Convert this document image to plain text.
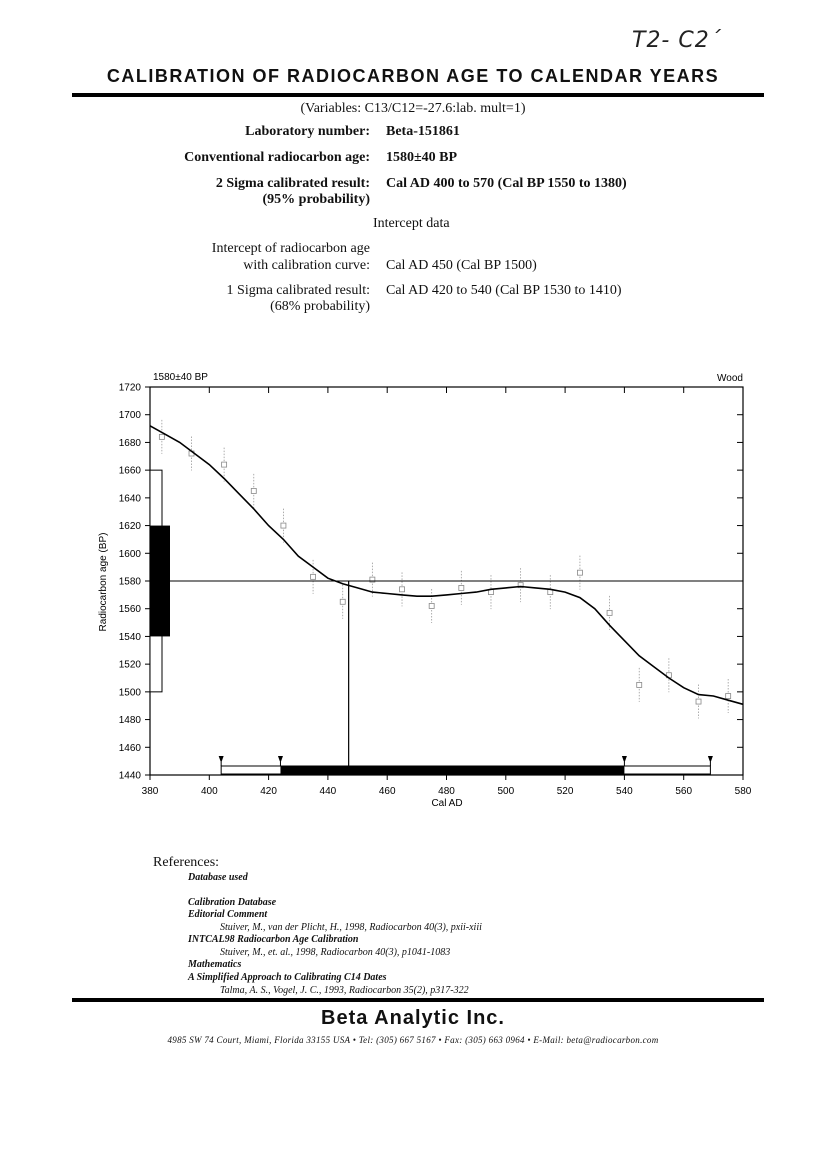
T2- C2´
CALIBRATION OF RADIOCARBON AGE TO CALENDAR YEARS
(Variables: C13/C12=-27.6:lab. mult=1)
Laboratory number: Beta-151861
Conventional radiocarbon age: 1580±40 BP
2 Sigma calibrated result: Cal AD 400 to 570 (Cal BP 1550 to 1380)
(95% probability)
Intercept data
Intercept of radiocarbon age
with calibration curve: Cal AD 450 (Cal BP 1500)
1 Sigma calibrated result: Cal AD 420 to 540 (Cal BP 1530 to 1410)
(68% probability)
1580±40 BP	Wood
Cal AD
Radiocarbon age (BP)
380	400	420	440	460	480	500	520	540	560	580
1440
1460
1480
1500
1520
1540
1560
1580
1600
1620
1640
1660
1680
1700
1720
References:
Database used
Calibration Database
Editorial Comment
Stuiver, M., van der Plicht, H., 1998, Radiocarbon 40(3), pxii-xiii
INTCAL98 Radiocarbon Age Calibration
Stuiver, M., et. al., 1998, Radiocarbon 40(3), p1041-1083
Mathematics
A Simplified Approach to Calibrating C14 Dates
Talma, A. S., Vogel, J. C., 1993, Radiocarbon 35(2), p317-322
Beta Analytic Inc.
4985 SW 74 Court, Miami, Florida 33155 USA • Tel: (305) 667 5167 • Fax: (305) 663 0964 • E-Mail: beta@radiocarbon.com
